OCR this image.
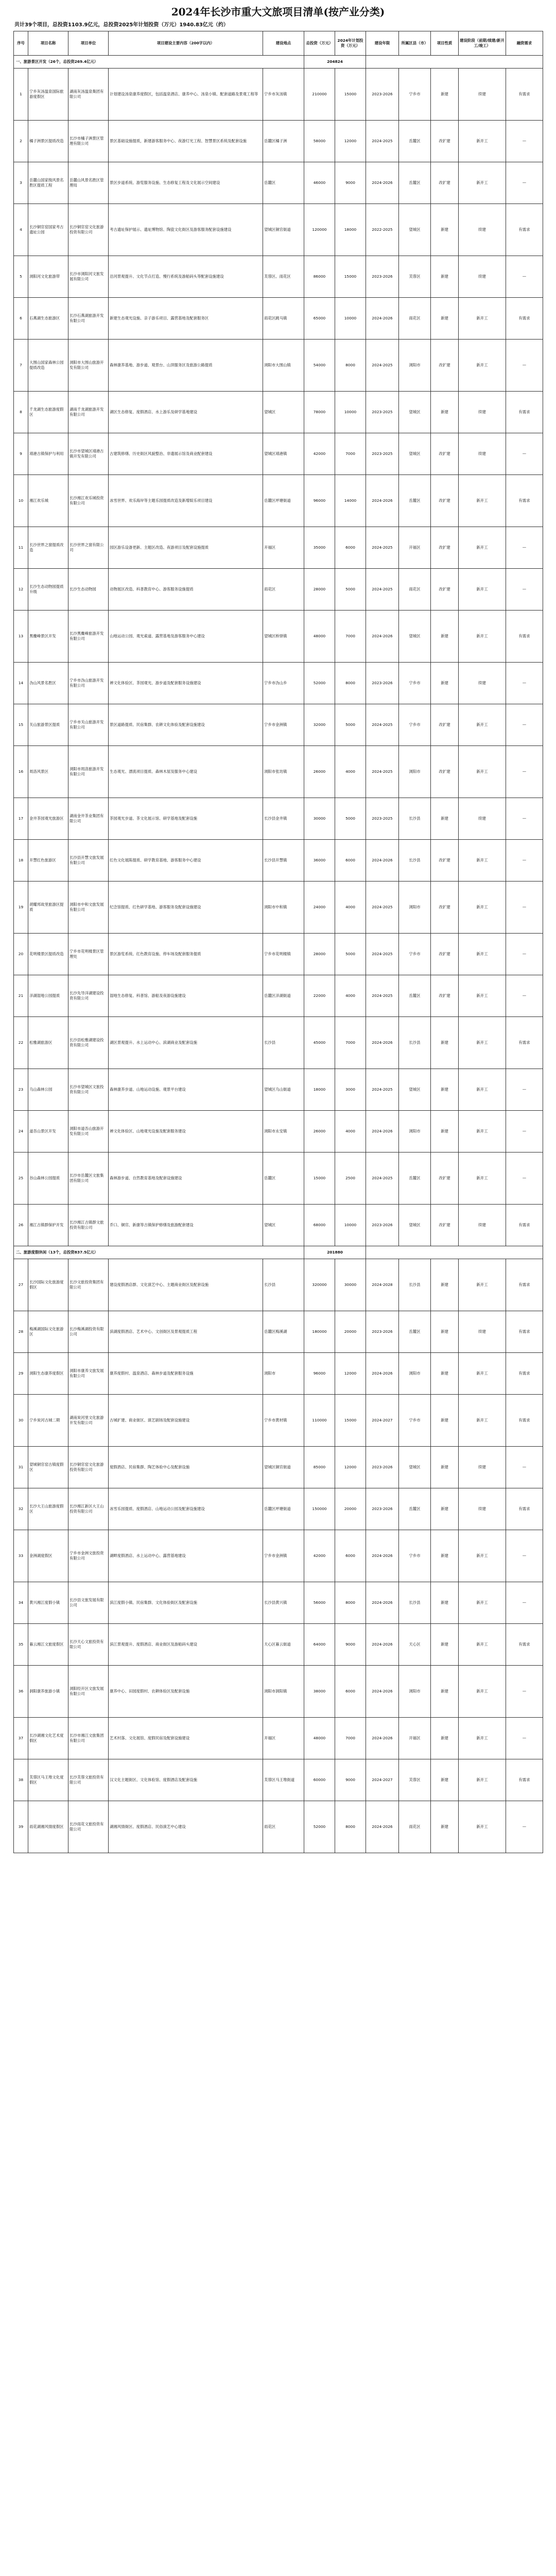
2024年长沙市重大文旅项目清单(按产业分类)
共计39个项目，总投资1103.9亿元，总投资2025年计划投资（万元）1940.83亿元（约）
序号	项目名称	项目单位	项目建设主要内容（200字以内）	建设地点	总投资（万元）	2024年计划投资（万元）	建设年限	所属区县（市）	项目性质	建设阶段（前期/续建/新开工/竣工）	融资需求
一、旅游景区开发（26个，总投资269.4亿元）					204824						
1	宁乡灰汤温泉国际旅游度假区	湖南灰汤温泉集团有限公司	计划建设汤泉康养度假区，包括温泉酒店、康养中心、汤泉小镇、配套道路及景观工程等	宁乡市灰汤镇	210000	15000	2023-2026	宁乡市	新建	续建	有需求
2	橘子洲景区提质改造	长沙市橘子洲景区管理有限公司	景区基础设施提质，新建游客服务中心、夜游灯光工程、智慧景区系统及配套设施	岳麓区橘子洲	58000	12000	2024-2025	岳麓区	改扩建	新开工	—
3	岳麓山国家级风景名胜区提质工程	岳麓山风景名胜区管理局	景区步道系统、游览服务设施、生态修复工程及文化展示空间建设	岳麓区	46000	9000	2024-2026	岳麓区	改扩建	新开工	—
4	长沙铜官窑国家考古遗址公园	长沙铜官窑文化旅游投资有限公司	考古遗址保护展示、遗址博物馆、陶瓷文化街区及游客服务配套设施建设	望城区铜官街道	120000	18000	2022-2025	望城区	新建	续建	有需求
5	浏阳河文化旅游带	长沙市浏阳河文旅发展有限公司	沿河景观提升、文化节点打造、慢行系统及游船码头等配套设施建设	芙蓉区、雨花区	86000	15000	2023-2026	芙蓉区	新建	续建	—
6	石燕湖生态旅游区	长沙石燕湖旅游开发有限公司	新建生态观光设施、亲子游乐项目、露营基地及配套服务区	雨花区跳马镇	65000	10000	2024-2026	雨花区	新建	新开工	有需求
7	大围山国家森林公园提质改造	浏阳市大围山旅游开发有限公司	森林康养基地、游步道、观景台、山顶服务区及旅游公路提质	浏阳市大围山镇	54000	8000	2024-2025	浏阳市	改扩建	新开工	—
8	千龙湖生态旅游度假区	湖南千龙湖旅游开发有限公司	湖区生态修复、度假酒店、水上游乐及研学基地建设	望城区	78000	10000	2023-2025	望城区	新建	续建	有需求
9	靖港古镇保护与利用	长沙市望城区靖港古镇开发有限公司	古建筑修缮、历史街区风貌整治、非遗展示馆及商业配套建设	望城区靖港镇	42000	7000	2023-2025	望城区	改扩建	续建	—
10	湘江欢乐城	长沙湘江欢乐城投资有限公司	冰雪世界、欢乐海岸等主题乐园提质改造及新增娱乐项目建设	岳麓区坪塘街道	96000	14000	2024-2026	岳麓区	改扩建	新开工	有需求
11	长沙世界之窗提质改造	长沙世界之窗有限公司	园区游乐设备更新、主题区改造、夜游项目及配套设施提质	开福区	35000	6000	2024-2025	开福区	改扩建	新开工	—
12	长沙生态动物园提质升级	长沙生态动物园	动物展区改造、科普教育中心、游客服务设施提质	雨花区	28000	5000	2024-2025	雨花区	改扩建	新开工	—
13	黑麋峰景区开发	长沙黑麋峰旅游开发有限公司	山地运动公园、观光索道、露营基地及游客服务中心建设	望城区桥驿镇	48000	7000	2024-2026	望城区	新建	新开工	有需求
14	沩山风景名胜区	宁乡市沩山旅游开发有限公司	禅文化体验区、茶园观光、游步道及配套服务设施建设	宁乡市沩山乡	52000	8000	2023-2026	宁乡市	新建	续建	—
15	关山旅游景区提质	宁乡市关山旅游开发有限公司	景区道路提质、民宿集群、农耕文化体验及配套设施建设	宁乡市金洲镇	32000	5000	2024-2025	宁乡市	改扩建	新开工	—
16	周洛风景区	浏阳市周洛旅游开发有限公司	生态观光、漂流项目提质、森林木屋及服务中心建设	浏阳市张坊镇	26000	4000	2024-2025	浏阳市	改扩建	新开工	—
17	金井茶园观光旅游区	湖南金井茶业集团有限公司	茶园观光步道、茶文化展示馆、研学基地及配套设施	长沙县金井镇	30000	5000	2023-2025	长沙县	新建	续建	—
18	开慧红色旅游区	长沙县开慧文旅发展有限公司	红色文化展陈提质、研学教育基地、游客服务中心建设	长沙县开慧镇	36000	6000	2024-2026	长沙县	改扩建	新开工	—
19	胡耀邦故里旅游区提质	浏阳市中和文旅发展有限公司	纪念馆提质、红色研学基地、游客服务及配套设施建设	浏阳市中和镇	24000	4000	2024-2025	浏阳市	改扩建	新开工	—
20	花明楼景区提质改造	宁乡市花明楼景区管理处	景区游览系统、红色教育设施、停车场及配套服务提质	宁乡市花明楼镇	28000	5000	2024-2025	宁乡市	改扩建	新开工	—
21	洋湖湿地公园提质	长沙先导洋湖建设投资有限公司	湿地生态修复、科普馆、游船及夜游设施建设	岳麓区洋湖街道	22000	4000	2024-2025	岳麓区	改扩建	新开工	—
22	松雅湖旅游区	长沙县松雅湖建设投资有限公司	湖区景观提升、水上运动中心、滨湖商业及配套设施	长沙县	45000	7000	2024-2026	长沙县	新建	新开工	有需求
23	乌山森林公园	长沙市望城区文旅投资有限公司	森林康养步道、山地运动设施、观景平台建设	望城区乌山街道	18000	3000	2024-2025	望城区	新建	新开工	—
24	道吾山景区开发	浏阳市道吾山旅游开发有限公司	禅文化体验区、山地观光设施及配套服务建设	浏阳市永安镇	26000	4000	2024-2026	浏阳市	新建	新开工	—
25	谷山森林公园提质	长沙市岳麓区文旅集团有限公司	森林游步道、自然教育基地及配套设施建设	岳麓区	15000	2500	2024-2025	岳麓区	改扩建	新开工	—
26	湘江古镇群保护开发	长沙湘江古镇群文旅投资有限公司	乔口、铜官、新康等古镇保护修缮及旅游配套建设	望城区	68000	10000	2023-2026	望城区	改扩建	续建	有需求
二、旅游度假休闲（13个，总投资837.5亿元）					201880						
27	长沙国际文化旅游度假区	长沙文旅投资集团有限公司	建设度假酒店群、文化演艺中心、主题商业街区及配套设施	长沙县	320000	30000	2024-2028	长沙县	新建	新开工	有需求
28	梅溪湖国际文化旅游区	长沙梅溪湖投资有限公司	滨湖度假酒店、艺术中心、文创街区及景观提质工程	岳麓区梅溪湖	180000	20000	2023-2026	岳麓区	新建	续建	有需求
29	浏阳生态康养度假区	浏阳市康养文旅发展有限公司	康养度假村、温泉酒店、森林步道及配套服务设施	浏阳市	96000	12000	2024-2026	浏阳市	新建	新开工	有需求
30	宁乡炭河古城二期	湖南炭河里文化旅游开发有限公司	古城扩建、商业街区、演艺剧场及配套设施建设	宁乡市黄材镇	110000	15000	2024-2027	宁乡市	新建	新开工	有需求
31	望城铜官窑古镇度假区	长沙铜官窑文化旅游投资有限公司	度假酒店、民宿集群、陶艺体验中心及配套设施	望城区铜官街道	85000	12000	2023-2026	望城区	新建	续建	—
32	长沙大王山旅游度假区	长沙湘江新区大王山投资有限公司	冰雪乐园提质、度假酒店、山地运动公园及配套设施建设	岳麓区坪塘街道	150000	20000	2023-2026	岳麓区	新建	续建	有需求
33	金洲湖度假区	宁乡市金洲文旅投资有限公司	湖畔度假酒店、水上运动中心、露营基地建设	宁乡市金洲镇	42000	6000	2024-2026	宁乡市	新建	新开工	—
34	黄兴湘江度假小镇	长沙县文旅发展有限公司	滨江度假小镇、民宿集群、文化体验街区及配套设施	长沙县黄兴镇	56000	8000	2024-2026	长沙县	新建	新开工	—
35	暮云湘江文旅度假区	长沙天心文旅投资有限公司	滨江景观提升、度假酒店、商业街区及游船码头建设	天心区暮云街道	64000	9000	2024-2026	天心区	新建	新开工	有需求
36	洞阳康养旅游小镇	浏阳经开区文旅发展有限公司	康养中心、田园度假村、农耕体验区及配套设施	浏阳市洞阳镇	38000	6000	2024-2026	浏阳市	新建	新开工	—
37	长沙湖湘文化艺术度假区	长沙市湘江文旅集团有限公司	艺术村落、文化展馆、度假民宿及配套设施建设	开福区	48000	7000	2024-2026	开福区	新建	新开工	—
38	芙蓉区马王堆文化度假区	长沙芙蓉文旅投资有限公司	汉文化主题街区、文化体验馆、度假酒店及配套设施	芙蓉区马王堆街道	60000	9000	2024-2027	芙蓉区	新建	新开工	有需求
39	雨花湖湘风情度假区	长沙雨花文旅投资有限公司	湖湘风情街区、度假酒店、民俗演艺中心建设	雨花区	52000	8000	2024-2026	雨花区	新建	新开工	—
